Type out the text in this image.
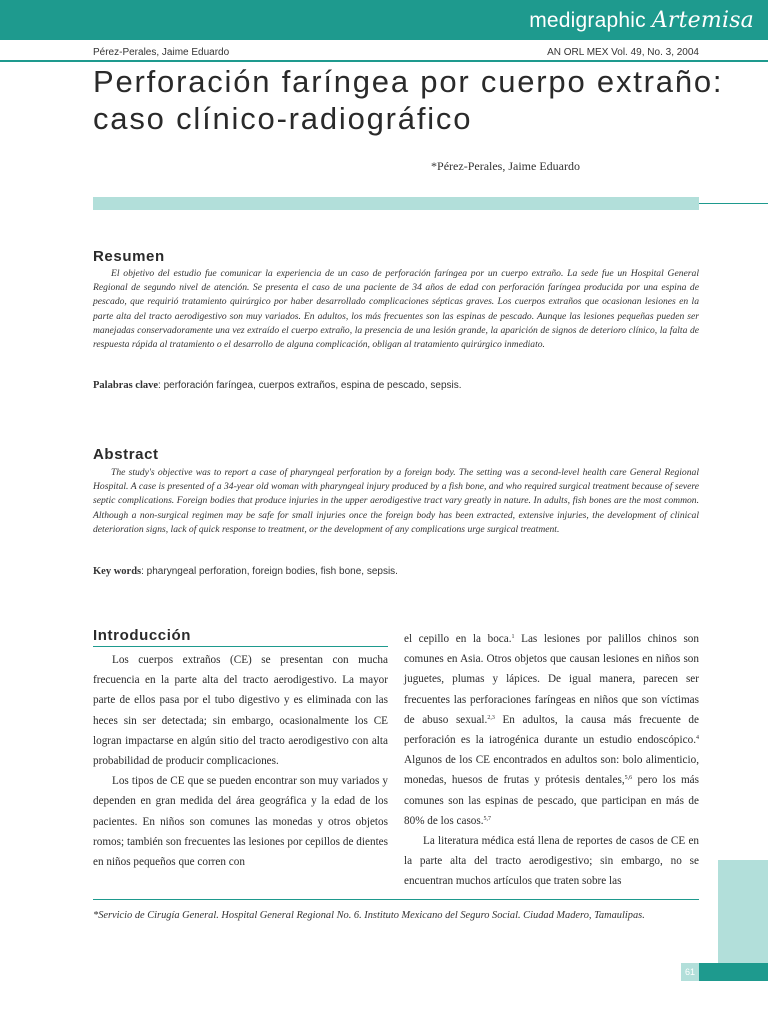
medigraphic Artemisa
Pérez-Perales, Jaime Eduardo	AN ORL MEX Vol. 49, No. 3, 2004
Perforación faríngea por cuerpo extraño:
caso clínico-radiográfico
*Pérez-Perales, Jaime Eduardo
Resumen

El objetivo del estudio fue comunicar la experiencia de un caso de perforación faríngea por un cuerpo extraño. La sede fue un Hospital General Regional de segundo nivel de atención. Se presenta el caso de una paciente de 34 años de edad con perforación faríngea producida por una espina de pescado, que requirió tratamiento quirúrgico por haber desarrollado complicaciones sépticas graves. Los cuerpos extraños que ocasionan lesiones en la parte alta del tracto aerodigestivo son muy variados. En adultos, los más frecuentes son las espinas de pescado. Aunque las lesiones pequeñas pueden ser manejadas conservadoramente una vez extraído el cuerpo extraño, la presencia de una lesión grande, la aparición de signos de deterioro clínico, la falta de respuesta rápida al tratamiento o el desarrollo de alguna complicación, obligan al tratamiento quirúrgico inmediato.

Palabras clave: perforación faríngea, cuerpos extraños, espina de pescado, sepsis.

Abstract

The study's objective was to report a case of pharyngeal perforation by a foreign body. The setting was a second-level health care General Regional Hospital. A case is presented of a 34-year old woman with pharyngeal injury produced by a fish bone, and who required surgical treatment because of severe septic complications. Foreign bodies that produce injuries in the upper aerodigestive tract vary greatly in nature. In adults, fish bones are the most common. Although a non-surgical regimen may be safe for small injuries once the foreign body has been extracted, extensive injuries, the development of clinical deterioration signs, lack of quick response to treatment, or the development of any complications urge surgical treatment.

Key words: pharyngeal perforation, foreign bodies, fish bone, sepsis.

Introducción

Los cuerpos extraños (CE) se presentan con mucha frecuencia en la parte alta del tracto aerodigestivo. La mayor parte de ellos pasa por el tubo digestivo y es eliminada con las heces sin ser detectada; sin embargo, ocasionalmente los CE logran impactarse en algún sitio del tracto aerodigestivo con alta probabilidad de producir complicaciones.

Los tipos de CE que se pueden encontrar son muy variados y dependen en gran medida del área geográfica y la edad de los pacientes. En niños son comunes las monedas y otros objetos romos; también son frecuentes las lesiones por cepillos de dientes en niños pequeños que corren con

el cepillo en la boca.$^1$ Las lesiones por palillos chinos son comunes en Asia. Otros objetos que causan lesiones en niños son juguetes, plumas y lápices. De igual manera, parecen ser frecuentes las perforaciones faríngeas en niños que son víctimas de abuso sexual.$^{2,3}$ En adultos, la causa más frecuente de perforación es la iatrogénica durante un estudio endoscópico.$^4$ Algunos de los CE encontrados en adultos son: bolo alimenticio, monedas, huesos de frutas y prótesis dentales,$^{5,6}$ pero los más comunes son las espinas de pescado, que participan en más de 80% de los casos.$^{5,7}$

La literatura médica está llena de reportes de casos de CE en la parte alta del tracto aerodigestivo; sin embargo, no se encuentran muchos artículos que traten sobre las

*Servicio de Cirugía General. Hospital General Regional No. 6. Instituto Mexicano del Seguro Social. Ciudad Madero, Tamaulipas.

61
